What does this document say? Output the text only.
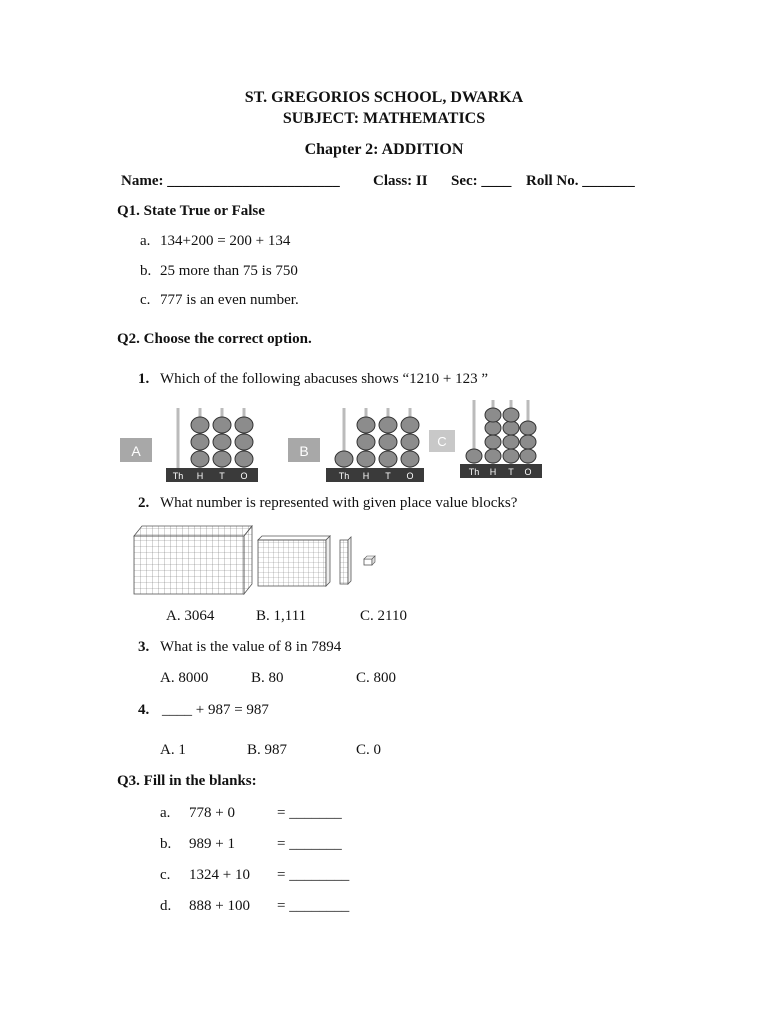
ST. GREGORIOS SCHOOL, DWARKA
SUBJECT: MATHEMATICS
Chapter 2: ADDITION
Name: _______________________ Class: II Sec: ____ Roll No. _______
Q1. State True or False
a. 134+200 = 200 + 134
b. 25 more than 75 is 750
c. 777 is an even number.
Q2. Choose the correct option.
1. Which of the following abacuses shows “1210 + 123 ”
A
Th H T O
B
Th H T O
C
Th H T O
2. What number is represented with given place value blocks?
A. 3064	B. 1,111	C. 2110
3. What is the value of 8 in 7894
A. 8000	B. 80	C. 800
4. ____ + 987 = 987
A. 1	B. 987	C. 0
Q3. Fill in the blanks:
a. 778 + 0	= _______
b. 989 + 1	= _______
c. 1324 + 10 = ________
d. 888 + 100 = ________
